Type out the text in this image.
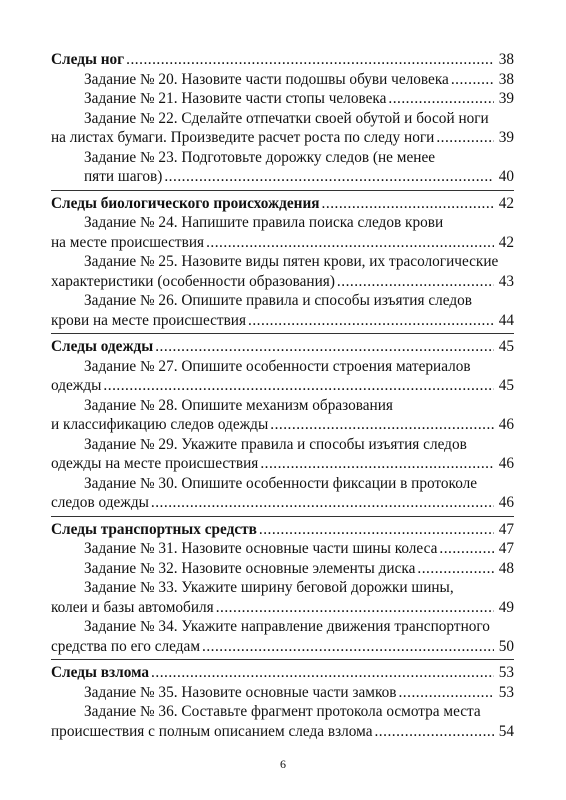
Следы ног .....	38
Задание № 20. Назовите части подошвы обуви человека .....	38
Задание № 21. Назовите части стопы человека .....	39
Задание № 22. Сделайте отпечатки своей обутой и босой ноги
на листах бумаги. Произведите расчет роста по следу ноги .....	39
Задание № 23. Подготовьте дорожку следов (не менее
пяти шагов) .....	40
Следы биологического происхождения .....	42
Задание № 24. Напишите правила поиска следов крови
на месте происшествия .....	42
Задание № 25. Назовите виды пятен крови, их трасологические
характеристики (особенности образования) .....	43
Задание № 26. Опишите правила и способы изъятия следов
крови на месте происшествия .....	44
Следы одежды .....	45
Задание № 27. Опишите особенности строения материалов
одежды .....	45
Задание № 28. Опишите механизм образования
и классификацию следов одежды .....	46
Задание № 29. Укажите правила и способы изъятия следов
одежды на месте происшествия .....	46
Задание № 30. Опишите особенности фиксации в протоколе
следов одежды .....	46
Следы транспортных средств .....	47
Задание № 31. Назовите основные части шины колеса .....	47
Задание № 32. Назовите основные элементы диска .....	48
Задание № 33. Укажите ширину беговой дорожки шины,
колеи и базы автомобиля .....	49
Задание № 34. Укажите направление движения транспортного
средства по его следам .....	50
Следы взлома .....	53
Задание № 35. Назовите основные части замков .....	53
Задание № 36. Составьте фрагмент протокола осмотра места
происшествия с полным описанием следа взлома .....	54
6
